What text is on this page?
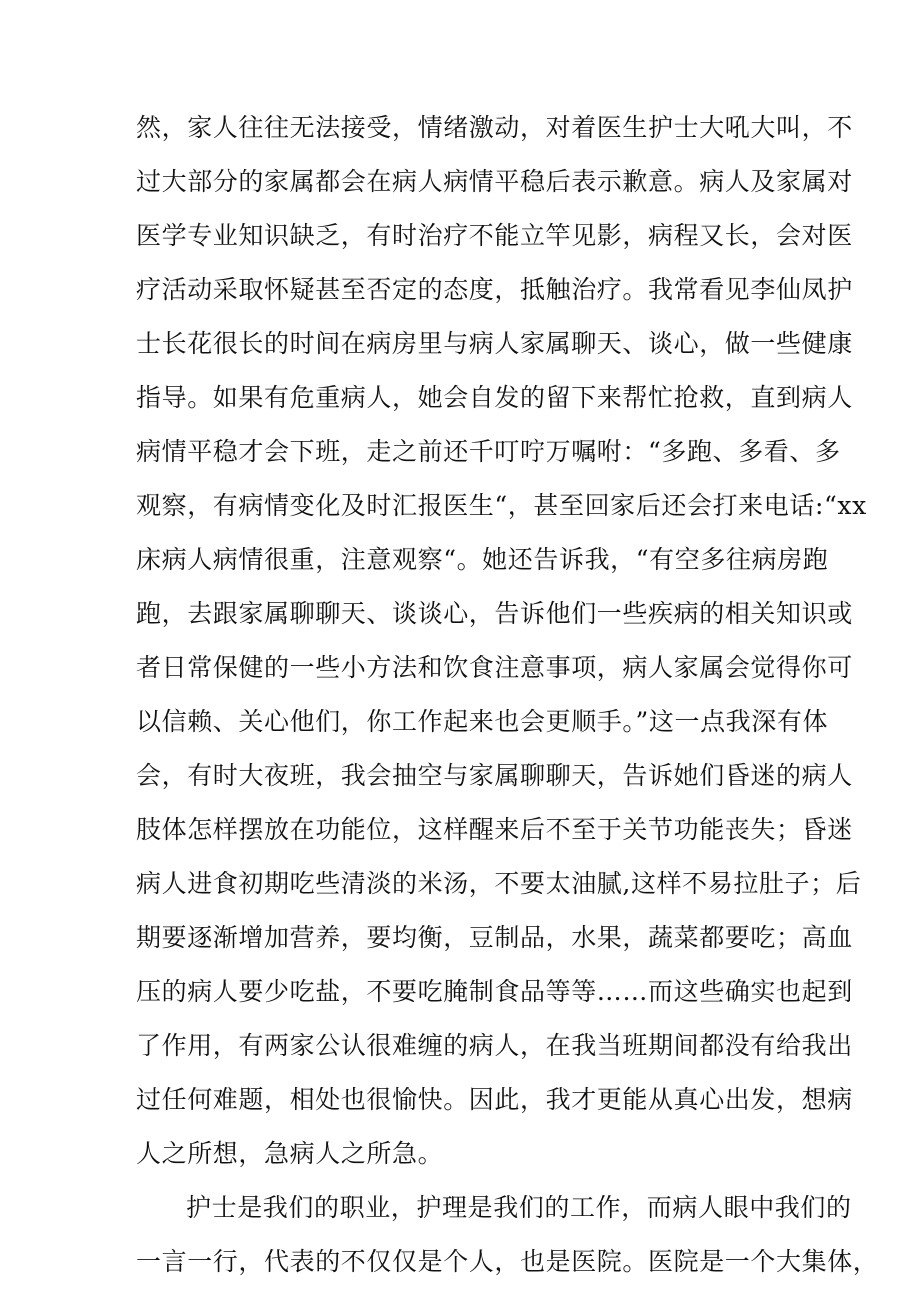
然，家人往往无法接受，情绪激动，对着医生护士大吼大叫，不
过大部分的家属都会在病人病情平稳后表示歉意。病人及家属对
医学专业知识缺乏，有时治疗不能立竿见影，病程又长，会对医
疗活动采取怀疑甚至否定的态度，抵触治疗。我常看见李仙凤护
士长花很长的时间在病房里与病人家属聊天、谈心，做一些健康
指导。如果有危重病人，她会自发的留下来帮忙抢救，直到病人
病情平稳才会下班，走之前还千叮咛万嘱咐：“多跑、多看、多
观察，有病情变化及时汇报医生“，甚至回家后还会打来电话:“xx
床病人病情很重，注意观察“。她还告诉我，“有空多往病房跑
跑，去跟家属聊聊天、谈谈心，告诉他们一些疾病的相关知识或
者日常保健的一些小方法和饮食注意事项，病人家属会觉得你可
以信赖、关心他们，你工作起来也会更顺手。”这一点我深有体
会，有时大夜班，我会抽空与家属聊聊天，告诉她们昏迷的病人
肢体怎样摆放在功能位，这样醒来后不至于关节功能丧失；昏迷
病人进食初期吃些清淡的米汤，不要太油腻,这样不易拉肚子；后
期要逐渐增加营养，要均衡，豆制品，水果，蔬菜都要吃；高血
压的病人要少吃盐，不要吃腌制食品等等……而这些确实也起到
了作用，有两家公认很难缠的病人，在我当班期间都没有给我出
过任何难题，相处也很愉快。因此，我才更能从真心出发，想病
人之所想，急病人之所急。
护士是我们的职业，护理是我们的工作，而病人眼中我们的
一言一行，代表的不仅仅是个人，也是医院。医院是一个大集体，
